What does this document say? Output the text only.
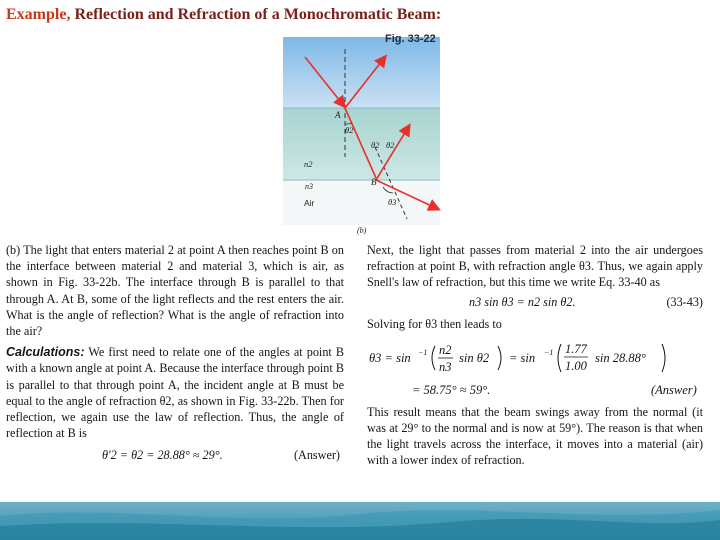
Example, Reflection and Refraction of a Monochromatic Beam:
Fig. 33-22
A
θ2
θ2 θ2
n2
B
n3
Air	θ3
(b)

(b) The light that enters material 2 at point A then reaches point B on the interface between material 2 and material 3, which is air, as shown in Fig. 33-22b. The interface through B is parallel to that through A. At B, some of the light reflects and the rest enters the air. What is the angle of reflection? What is the angle of refraction into the air?

Calculations: We first need to relate one of the angles at point B with a known angle at point A. Because the interface through point B is parallel to that through point A, the incident angle at B must be equal to the angle of refraction θ2, as shown in Fig. 33-22b. Then for reflection, we again use the law of reflection. Thus, the angle of reflection at B is

θ′2 = θ2 = 28.88° ≈ 29°.	(Answer)

Next, the light that passes from material 2 into the air undergoes refraction at point B, with refraction angle θ3. Thus, we again apply Snell's law of refraction, but this time we write Eq. 33-40 as

n3 sin θ3 = n2 sin θ2.	(33-43)

Solving for θ3 then leads to

θ3 = sin −1 n2
n3
sin θ2 = sin −1 1.77
1.00
sin 28.88°
= 58.75° ≈ 59°.	(Answer)

This result means that the beam swings away from the normal (it was at 29° to the normal and is now at 59°). The reason is that when the light travels across the interface, it moves into a material (air) with a lower index of refraction.
